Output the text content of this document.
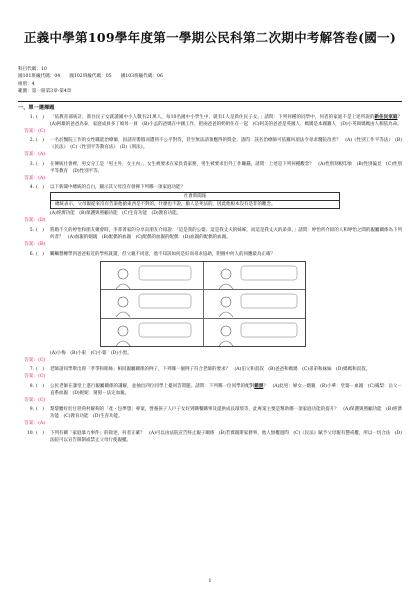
正義中學第109學年度第一學期公民科第二次期中考解答卷(國一)
科目代碼：10
國101班級代碼：04　　國102班級代碼：05　　國103班級代碼：06
組別：4
範圍：第一冊第3章-第4章
一、單一選擇題
1. (　) 「依教育部統計，新住民子女就讀國中小人數有21萬人，每10名國中小學生中，就有1人是新住民子女。」請問：下列何種的同學中，何者的家庭不是上述所說的新住民家庭？　(A)阿雄的爸爸為泰，家庭成員多了娘母一員　(B)小孟的爸媽在中國工作，把兩爸爸的奶奶住在一起　(C)阿美的爸爸是英國人、媽媽是本國籍人　(D)小英與媽媽由人相依為命。
答案：(C)
2. (　) 一名於醫院工作的女性職能治療師，因請育嬰假而遭到不公平對待，甚至無法請領應得的獎金。請問：該名治療師可依據何項法令尋求醫院改善？　(A)《性別工作平等法》　(B)《民法》　(C)《性別平等教育法》　(D)《刑法》。
答案：(A)
3. (　) 在傳統社會裡，男女分工是「男主外，女主內」，女生被要求在家負責家務，男生被要求出外工作賺錢。請問：上述是下列何種觀念？　(A)性別刻板印象　(B)性別偏見　(C)性別平等教育　(D)性別平等。
答案：(A)
4. (　) 以下新聞中總統的自白，顯示其父母沒有發揮下列哪一項家庭功能？
社會新聞報
總統表示，父母親從來沒有告訴他搶東西是不對的，什麼也不說，偷人是死法的，因此他根本沒有是非的觀念。
(A)經濟功能　(B)保護與照顧功能　(C)生育功能　(D)教育功能。
答案：(D)
5. (　) 將婚不久的婷怡和朋友聚會時，李菁菁家的分享向朋友介紹說：「這是我的公婆、這是我丈夫的姊姊，而這是我丈夫的弟弟。」請問：婷怡所介紹的人和婷怡之間的親屬關係為下列何者？　(A)血親的姻親　(B)配偶的血親　(C)配偶的血親的配偶　(D)血親的配偶的血親。
答案：(B)
6. (　) 觸觸想轉學到爸爸較近的學校就讀，但父親不同意，他不知該如何是好而尋求協助，附圖中何人的回應最為正確？
(A)小梅　(B)小東　(C)小婆　(D)小黑。
答案：(C)
7. (　) 老師請同學舉出與「孝爭和睦絲」相同親屬關係的例子，下列哪一個例子符合老師的要求？　(A)伯父和叔叔　(B)爸爸和媽媽　(C)弟弟和妹妹　(D)媽媽和叔叔。
答案：(C)
8. (　) 公民老師在課堂上進行親屬關係的講解，並抽出四位同學上臺回答問題。請問：下列哪一位同學的配對錯誤？　(A)此男：婦女－姻親　(B)小華：堂婆－血親　(C)鳳梨：岳父－直系血親　(D)妮妮：舅舅－法定血親。
答案：(C)
9. (　) 黎黎雖好於甘蔗荷村解夠的「產・包夢想」專案，營養孩子人戶子女好到購餐購事及提供成長環境等，此專案主要是幫助哪一項家庭功能的提升？　(A)保護與照顧功能　(B)經濟功能　(C)教育功能　(D)生育功能。
答案：(A)
10. (　) 下列有關「家庭暴力事件」的敘述，何者正確？　(A)可以由法院宣告終止親子關係　(B)若實親斯家務事，他人無權過問　(C)《民法》賦予父母親有懲戒權，所以一切合法　(D)法院可以宣告限制或禁止父母行使親權。
1
